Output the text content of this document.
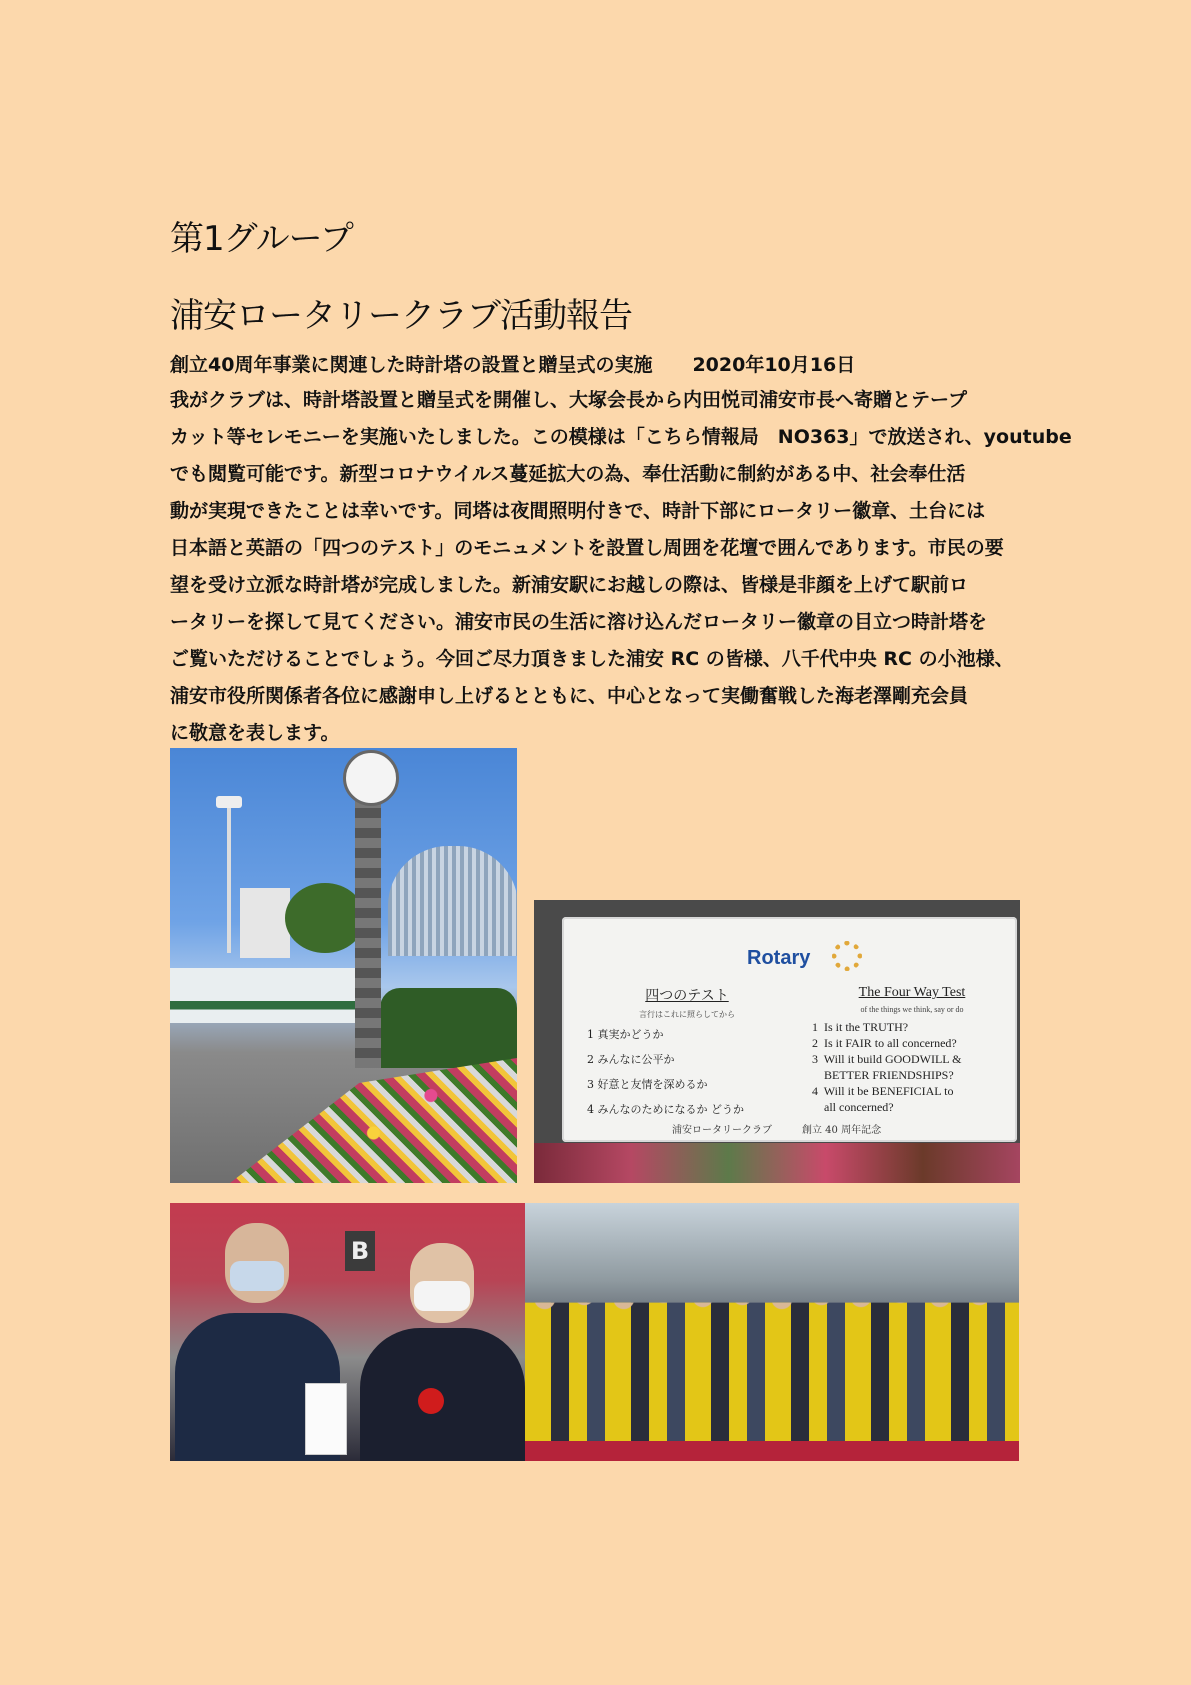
第1グループ
浦安ロータリークラブ活動報告
創立40周年事業に関連した時計塔の設置と贈呈式の実施 2020年10月16日
我がクラブは、時計塔設置と贈呈式を開催し、大塚会長から内田悦司浦安市長へ寄贈とテープ
カット等セレモニーを実施いたしました。この模様は「こちら情報局　NO363」で放送され、youtube
でも閲覧可能です。新型コロナウイルス蔓延拡大の為、奉仕活動に制約がある中、社会奉仕活
動が実現できたことは幸いです。同塔は夜間照明付きで、時計下部にロータリー徽章、土台には
日本語と英語の「四つのテスト」のモニュメントを設置し周囲を花壇で囲んであります。市民の要
望を受け立派な時計塔が完成しました。新浦安駅にお越しの際は、皆様是非顔を上げて駅前ロ
ータリーを探して見てください。浦安市民の生活に溶け込んだロータリー徽章の目立つ時計塔を
ご覧いただけることでしょう。今回ご尽力頂きました浦安 RC の皆様、八千代中央 RC の小池様、
浦安市役所関係者各位に感謝申し上げるとともに、中心となって実働奮戦した海老澤剛充会員
に敬意を表します。
Rotary
四つのテスト
言行はこれに照らしてから
1 真実かどうか
2 みんなに公平か
3 好意と友情を深めるか
4 みんなのためになるか どうか
The Four Way Test
of the things we think, say or do
1  Is it the TRUTH?
2  Is it FAIR to all concerned?
3  Will it build GOODWILL &
BETTER FRIENDSHIPS?
4  Will it be BENEFICIAL to
all concerned?
浦安ロータリークラブ　　　創立 40 周年記念
B
